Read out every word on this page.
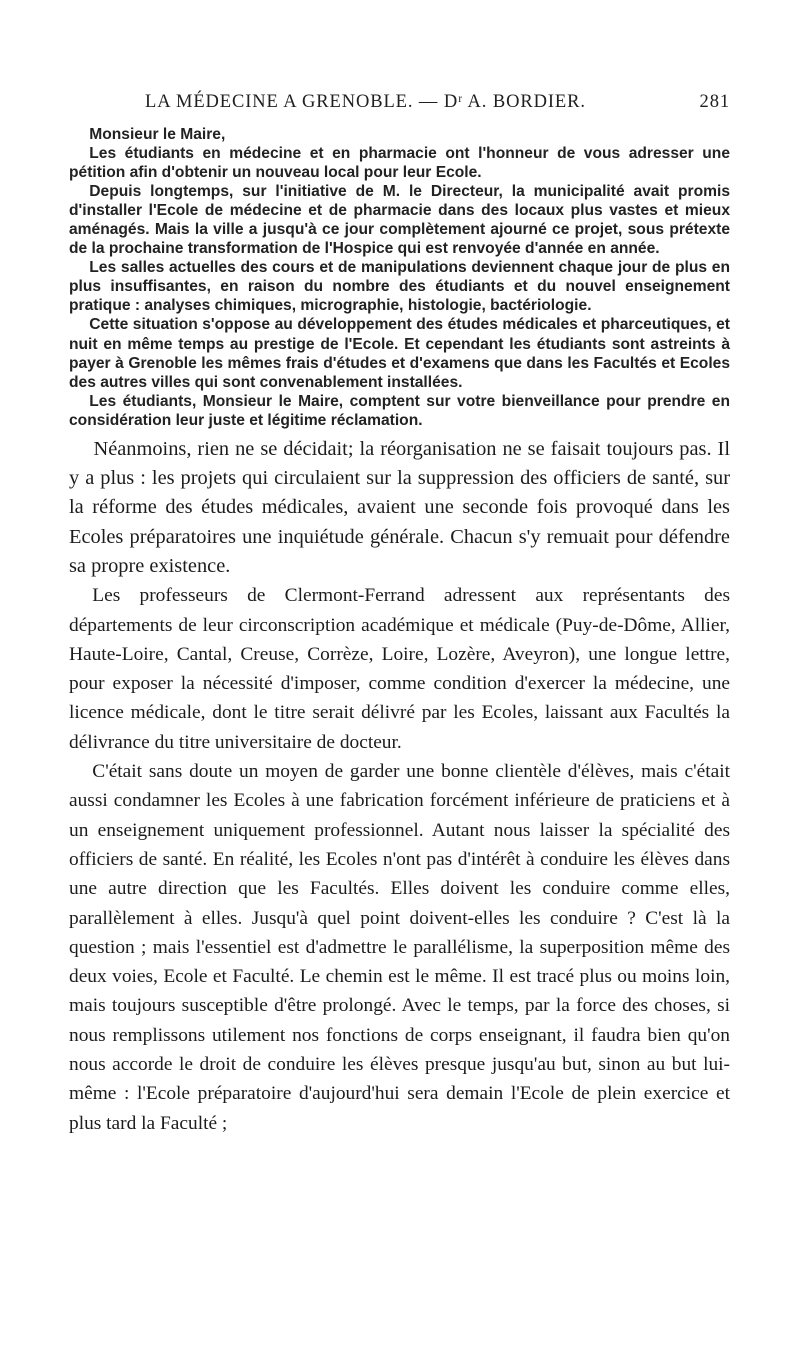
LA MÉDECINE A GRENOBLE. — Dʳ A. BORDIER.	281

Monsieur le Maire,

Les étudiants en médecine et en pharmacie ont l'honneur de vous adresser une pétition afin d'obtenir un nouveau local pour leur Ecole.

Depuis longtemps, sur l'initiative de M. le Directeur, la municipalité avait promis d'installer l'Ecole de médecine et de pharmacie dans des locaux plus vastes et mieux aménagés. Mais la ville a jusqu'à ce jour complètement ajourné ce projet, sous prétexte de la prochaine transformation de l'Hospice qui est renvoyée d'année en année.

Les salles actuelles des cours et de manipulations deviennent chaque jour de plus en plus insuffisantes, en raison du nombre des étudiants et du nouvel enseignement pratique : analyses chimiques, micrographie, histologie, bactériologie.

Cette situation s'oppose au développement des études médicales et pharceutiques, et nuit en même temps au prestige de l'Ecole. Et cependant les étudiants sont astreints à payer à Grenoble les mêmes frais d'études et d'examens que dans les Facultés et Ecoles des autres villes qui sont convenablement installées.

Les étudiants, Monsieur le Maire, comptent sur votre bienveillance pour prendre en considération leur juste et légitime réclamation.

Néanmoins, rien ne se décidait; la réorganisation ne se faisait toujours pas. Il y a plus : les projets qui circulaient sur la suppression des officiers de santé, sur la réforme des études médicales, avaient une seconde fois provoqué dans les Ecoles préparatoires une inquiétude générale. Chacun s'y remuait pour défendre sa propre existence.

Les professeurs de Clermont-Ferrand adressent aux représentants des départements de leur circonscription académique et médicale (Puy-de-Dôme, Allier, Haute-Loire, Cantal, Creuse, Corrèze, Loire, Lozère, Aveyron), une longue lettre, pour exposer la nécessité d'imposer, comme condition d'exercer la médecine, une licence médicale, dont le titre serait délivré par les Ecoles, laissant aux Facultés la délivrance du titre universitaire de docteur.

C'était sans doute un moyen de garder une bonne clientèle d'élèves, mais c'était aussi condamner les Ecoles à une fabrication forcément inférieure de praticiens et à un enseignement uniquement professionnel. Autant nous laisser la spécialité des officiers de santé. En réalité, les Ecoles n'ont pas d'intérêt à conduire les élèves dans une autre direction que les Facultés. Elles doivent les conduire comme elles, parallèlement à elles. Jusqu'à quel point doivent-elles les conduire ? C'est là la question ; mais l'essentiel est d'admettre le parallélisme, la superposition même des deux voies, Ecole et Faculté. Le chemin est le même. Il est tracé plus ou moins loin, mais toujours susceptible d'être prolongé. Avec le temps, par la force des choses, si nous remplissons utilement nos fonctions de corps enseignant, il faudra bien qu'on nous accorde le droit de conduire les élèves presque jusqu'au but, sinon au but lui-même : l'Ecole préparatoire d'aujourd'hui sera demain l'Ecole de plein exercice et plus tard la Faculté ;
